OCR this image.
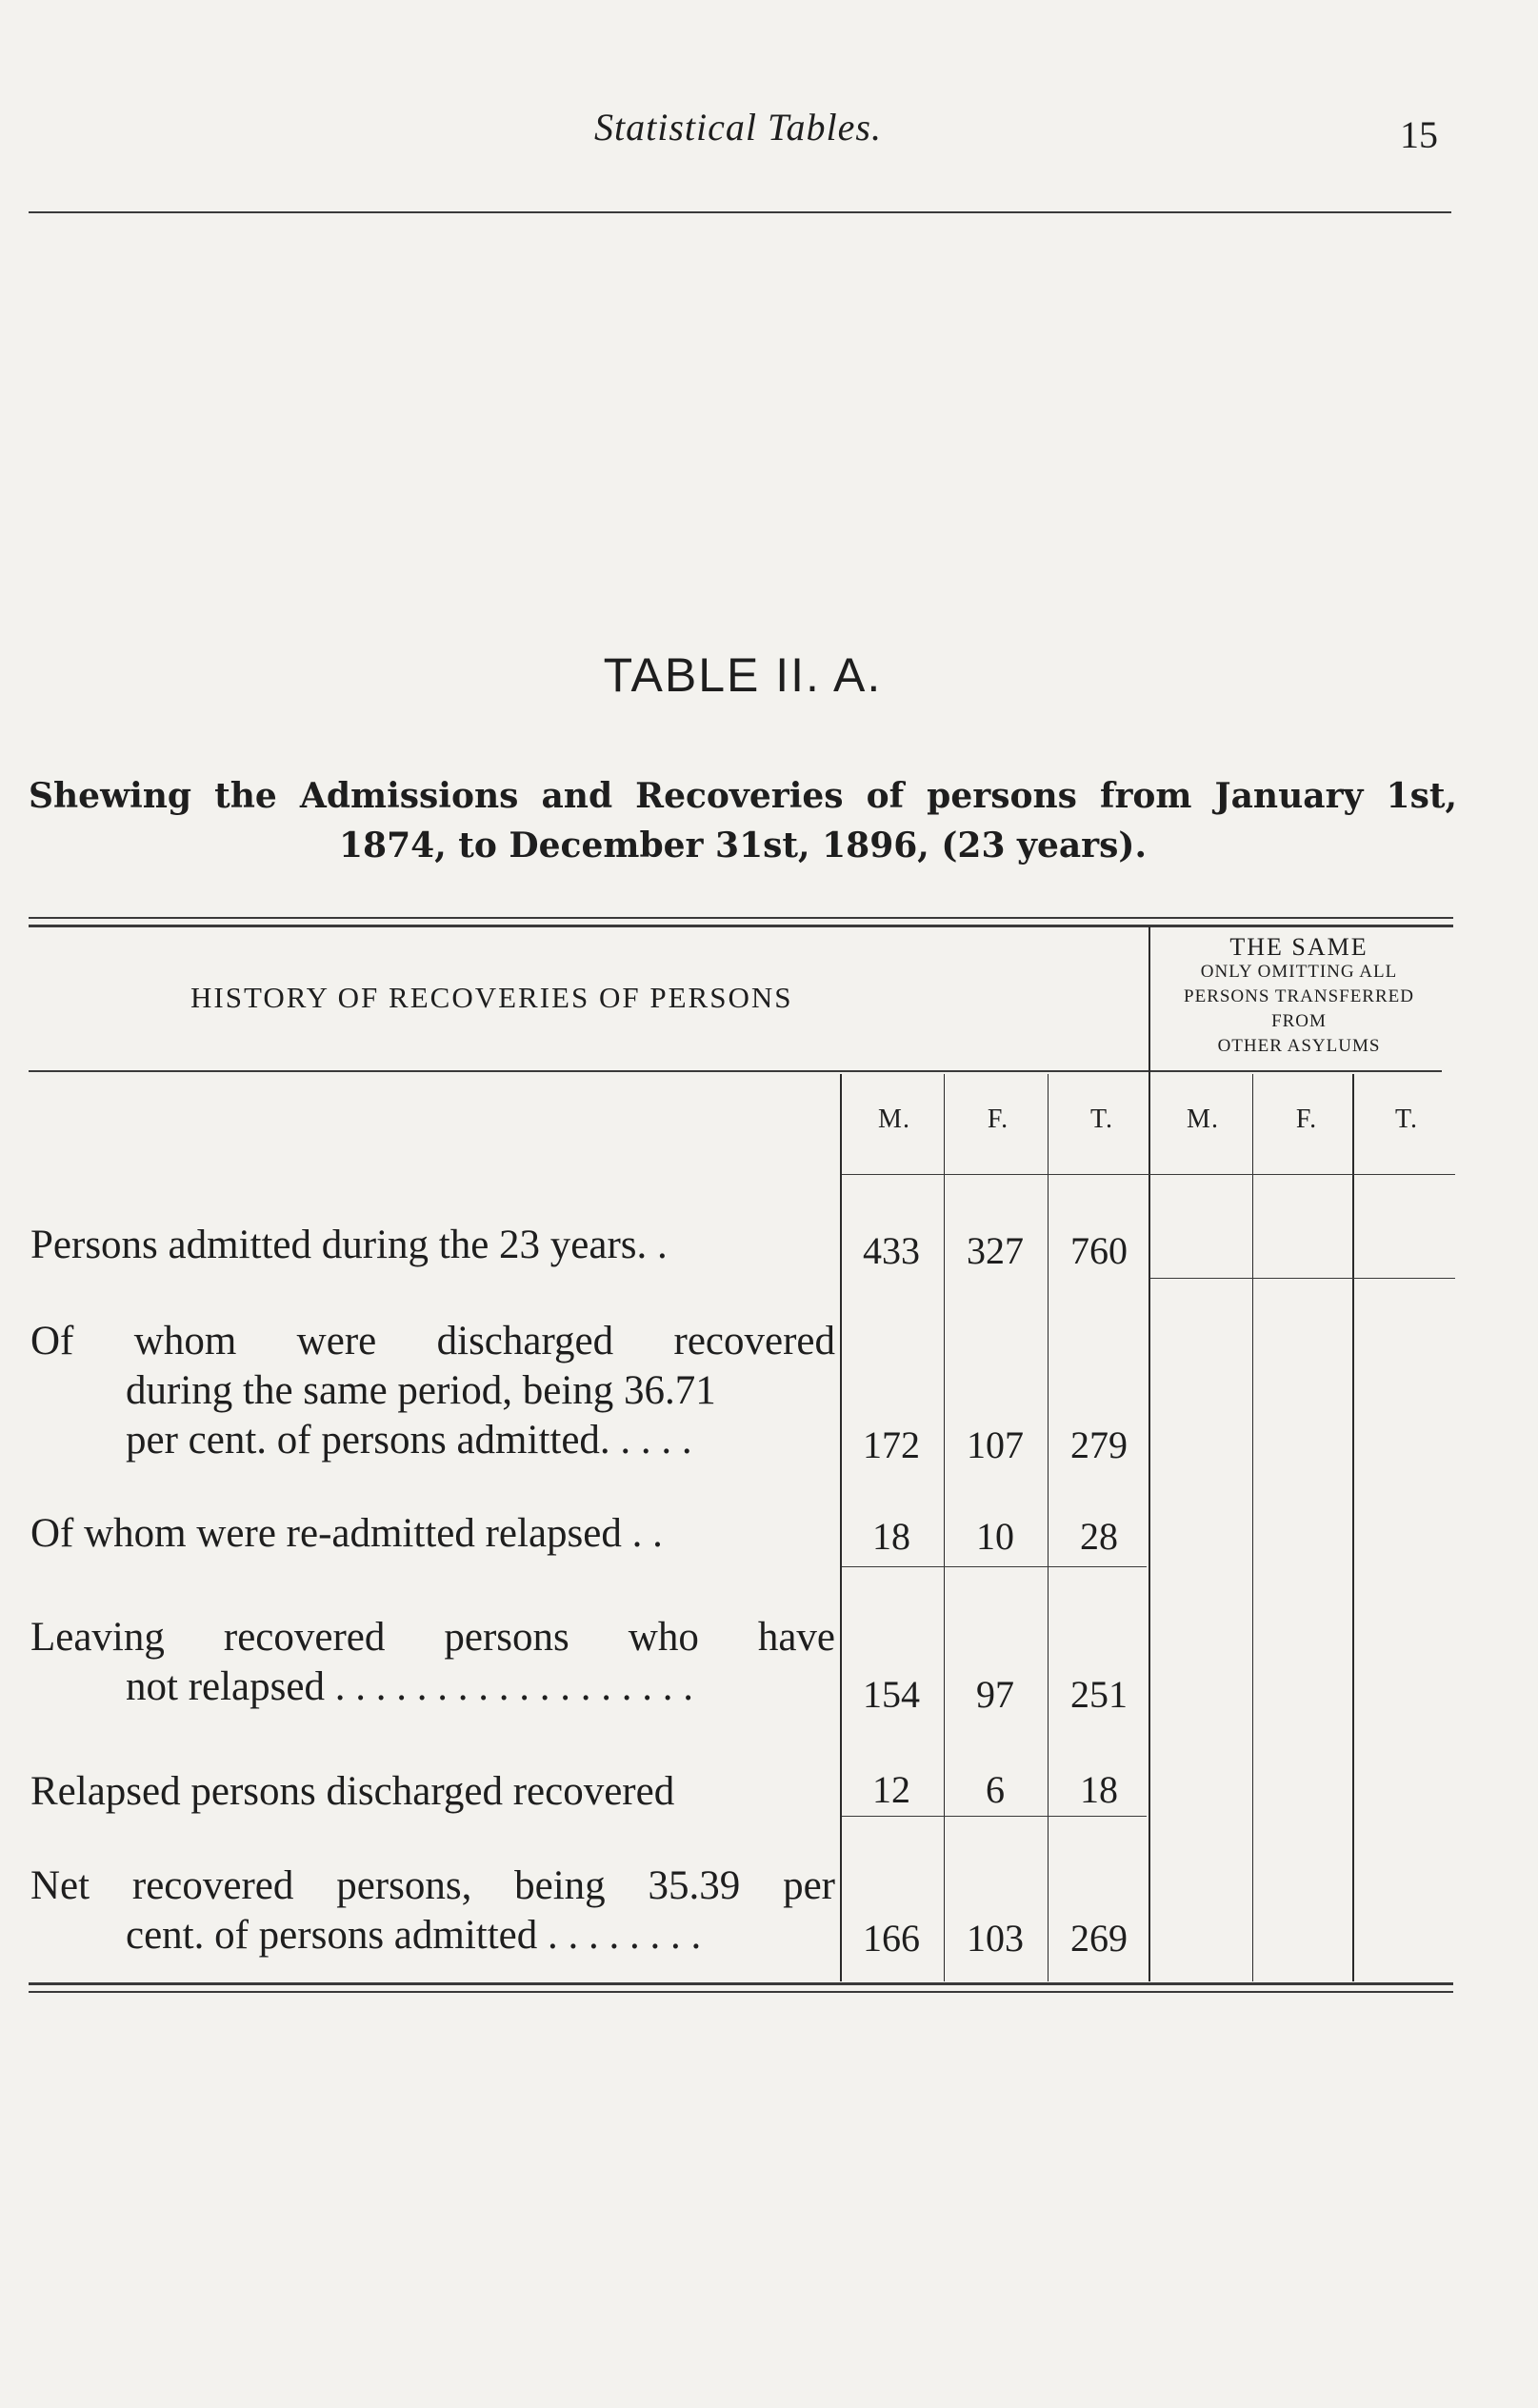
Statistical Tables.	15
TABLE II. A.
Shewing the Admissions and Recoveries of persons from January 1st,
1874, to December 31st, 1896, (23 years).
HISTORY OF RECOVERIES OF PERSONS
THE SAME
ONLY OMITTING ALL
PERSONS TRANSFERRED
FROM
OTHER ASYLUMS
M.	F.	T.	M.	F.	T.
Persons admitted during the 23 years. .	433	327	760
Of whom were discharged recovered
during the same period, being 36.71
per cent. of persons admitted. . . . .	172	107	279
Of whom were re-admitted relapsed . .	18	10	28
Leaving recovered persons who have
not relapsed . . . . . . . . . . . . . . . . . .	154	97	251
Relapsed persons discharged recovered	12	6	18
Net recovered persons, being 35.39 per
cent. of persons admitted . . . . . . . .	166	103	269
